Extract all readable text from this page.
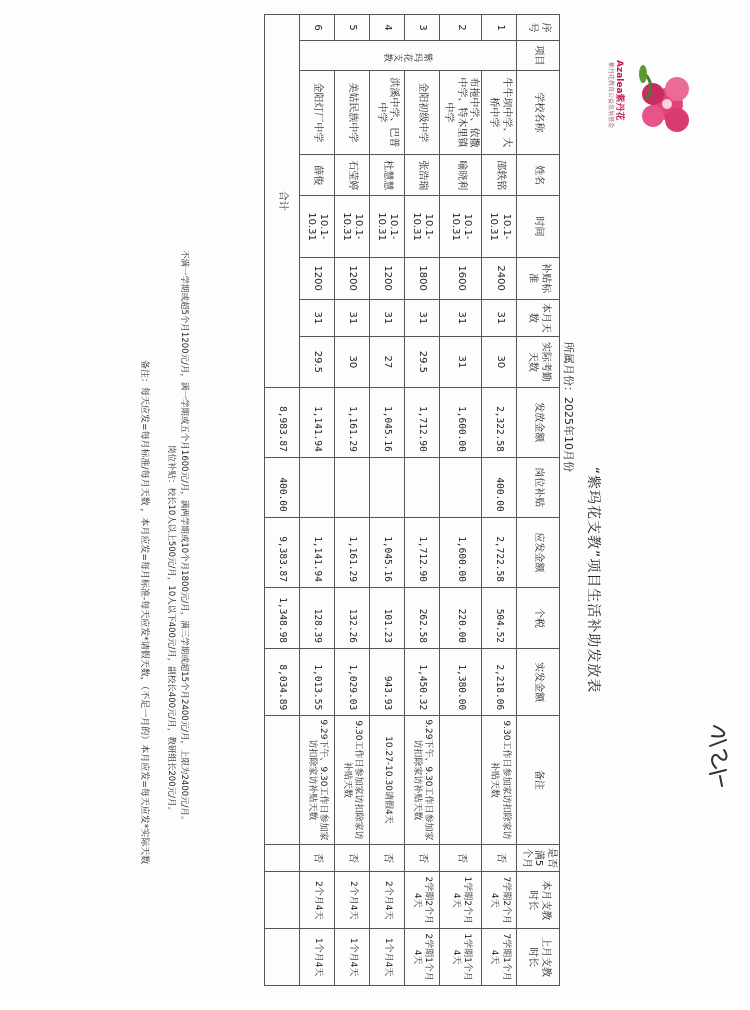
Azalea紫丹花
紫丹花教育公益发展基金
“紫玛花支教”项目生活补助发放表
所属月份：2025年10月份
序号	项目	学校名称	姓名	时间	补贴标准	本月天数	实际考勤天数	发放金额	岗位补贴	应发金额	个税	实发金额	备注	是否满5个月	本月支教时长	上月支教时长
1	紫玛花支教	牛牛坝中学、大桥中学	邵轶铭	10.1-10.31	2400	31	30	2,322.58	400.00	2,722.58	504.52	2,218.06	9.30工作日参加家访扣除家访补贴天数	否	7学期2个月4天	7学期1个月4天
2		布拖中学、依撒中学、特木里镇中学	喻晓利	10.1-10.31	1600	31	31	1,600.00		1,600.00	220.00	1,380.00		否	1学期2个月4天	1学期1个月4天
3		金阳初级中学	张浩瑞	10.1-10.31	1800	31	29.5	1,712.90		1,712.90	262.58	1,450.32	9.29下午、9.30工作日参加家访扣除家访补贴天数	否	2学期2个月4天	2学期1个月4天
4		洪溪中学、巴普中学	杜慧慧	10.1-10.31	1200	31	27	1,045.16		1,045.16	101.23	943.93	10.27-10.30请假4天	否	2个月4天	1个月4天
5		美姑民族中学	石莹婷	10.1-10.31	1200	31	30	1,161.29		1,161.29	132.26	1,029.03	9.30工作日参加家访扣除家访补贴天数	否	2个月4天	1个月4天
6		金阳灯厂中学	薛俊	10.1-10.31	1200	31	29.5	1,141.94		1,141.94	128.39	1,013.55	9.29下午、9.30工作日参加家访扣除家访补贴天数	否	2个月4天	1个月4天
合计								8,983.87	400.00	9,383.87	1,348.98	8,034.89				
不满一学期或超5个月1200元/月，满一学期或五个月1600元/月，满两学期或10个月1800元/月，满三学期或超15个月2400元/月，上限为2400元/月。
岗位补贴：校长10人以上500元/月，10人以下400元/月，副校长400元/月，教研组长200元/月。
备注：每天应发=每月标准/每月天数 ，本月应发=每月标准-每天应发*请假天数，（不足一月的）本月应发=每天应发*实际天数
